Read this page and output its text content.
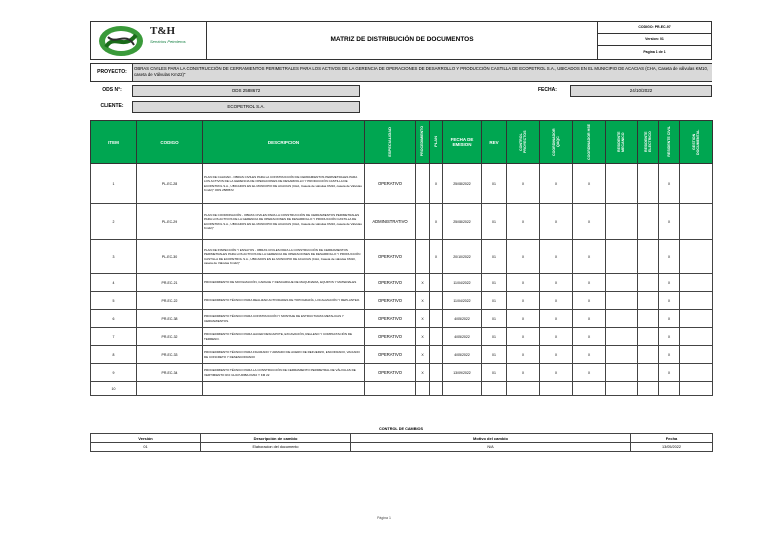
T&H
Servicios Petroleros	MATRIZ DE DISTRIBUCIÓN DE DOCUMENTOS
CODIGO: PR-EC-97
Version: 01
Pagina 1 de 1
PROYECTO:
OBRAS CIVILES PARA LA CONSTRUCCIÓN DE CERRAMIENTOS PERIMETRALES PARA LOS ACTIVOS DE LA GERENCIA DE OPERACIONES DE DESARROLLO Y PRODUCCIÓN CASTILLA DE ECOPETROL S.A., UBICADOS EN EL MUNICIPIO DE ACACIAS (CHA, Caseta de válvulas KM10, caseta de Válvulas Km22)"
ODS N°:	ODS 2588672	FECHA:	24/10/2022
CLIENTE:	ECOPETROL S.A.
ITEM	CODIGO	DESCRIPCION	ESPECIALIDAD	PROCEDIMIENTO	PLAN	FECHA DE EMISION	REV	CONTROL PROYECTOS	COORDINADOR QAQC	COORDINADOR HSE	RESIDENTE MECANICO	RESIDENTE ELECTRICO	RESIDENTE CIVIL	GESTION DOCUMENTAL
1	PL-EC-28	PLAN DE CALIDAD - OBRAS CIVILES PARA LA CONSTRUCCIÓN DE CERRAMIENTOS PERIMETRALES PARA LOS ACTIVOS DE LA GERENCIA DE OPERACIONES DE DESARROLLO Y PRODUCCIÓN CASTILLA DE ECOPETROL S.A., UBICADOS EN EL MUNICIPIO DE ACACIAS (CHA, Caseta de válvulas KM10, caseta de Válvulas Km22)" ODS 2588672	OPERATIVO		X	25/08/2022	01	X	X	X			X	
2	PL-EC-29	PLAN DE COORDINACIÓN - OBRAS CIVILES PARA LA CONSTRUCCIÓN DE CERRAMIENTOS PERIMETRALES PARA LOS ACTIVOS DE LA GERENCIA DE OPERACIONES DE DESARROLLO Y PRODUCCIÓN CASTILLA DE ECOPETROL S.A., UBICADOS EN EL MUNICIPIO DE ACACIAS (CHA, Caseta de válvulas KM10, caseta de Válvulas Km22)"	ADMINISTRATIVO		X	25/08/2022	01	X	X	X			X	
3	PL-EC-30	PLAN DE INSPECCIÓN Y ENSAYOS - OBRAS CIVILES PARA LA CONSTRUCCIÓN DE CERRAMIENTOS PERIMETRALES PARA LOS ACTIVOS DE LA GERENCIA DE OPERACIONES DE DESARROLLO Y PRODUCCIÓN CASTILLA DE ECOPETROL S.A., UBICADOS EN EL MUNICIPIO DE ACACIAS (CHA, Caseta de válvulas KM10, caseta de Válvulas Km22)"	OPERATIVO		X	20/10/2022	01	X	X	X			X	
4	PR-EC-21	PROCEDIMIENTO DE MOVILIZACIÓN, CARGUE Y DESCARGUE DE MAQUINARIA, EQUIPOS Y MATERIALES	OPERATIVO	X		11/04/2022	01	X	X	X			X	
5	PR-EC-22	PROCEDIMIENTO TÉCNICO PARA REALIZAR ACTIVIDADES DE TOPOGRAFÍA, LOCALIZACIÓN Y REPLANTEO.	OPERATIVO	X		11/04/2022	01	X	X	X			X	
6	PR-EC-38	PROCEDIMIENTO TÉCNICO PARA CONSTRUCCIÓN Y MONTAJE DE ESTRUCTURAS METALICAS Y CERRAMIENTOS.	OPERATIVO	X		4/05/2022	01	X	X	X			X	
7	PR-EC-32	PROCEDIMIENTO TÉCNICO PARA HACER DESCAPOTE, EXCAVACIÓN, RELLENO Y COMPACTACIÓN DE TERRENO.	OPERATIVO	X		4/05/2022	01	X	X	X			X	
8	PR-EC-33	PROCEDIMIENTO TÉCNICO PARA FIGURADO Y ARMADO DE ACERO DE REFUERZO, ENCOFRADO, VACIADO DE CONCRETO Y DESENCOFRADO	OPERATIVO	X		4/05/2022	01	X	X	X			X	
9	PR-EC-34	PROCEDIMIENTO TÉCNICO PARA LA CONSTRUCCIÓN DE CERRAMIENTO PERIMETRAL DE VÁLVULAS DE VERTIMIENTO RCI GUAYURIBA KM10 Y KM 22	OPERATIVO	X		13/09/2022	01	X	X	X			X	
10														
CONTROL DE CAMBIOS
Versión	Descripción de cambio	Motivo del cambio	Fecha
01	Elaboracion del documento	N/A	13/05/2022
Página 1
